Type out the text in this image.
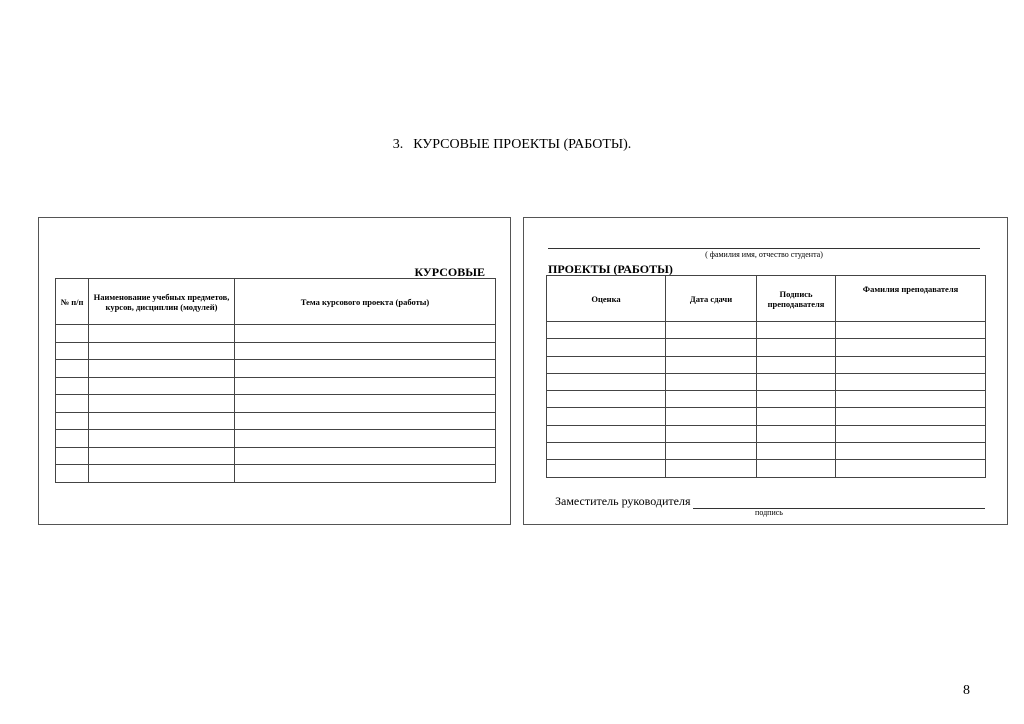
3. КУРСОВЫЕ ПРОЕКТЫ (РАБОТЫ).
КУРСОВЫЕ
№ п/п	Наименование учебных предметов, курсов, дисциплин (модулей)	Тема курсового проекта (работы)

( фамилия имя, отчество студента)
ПРОЕКТЫ (РАБОТЫ)
Оценка	Дата сдачи	Подпись преподавателя	Фамилия преподавателя

Заместитель руководителя
подпись
8
